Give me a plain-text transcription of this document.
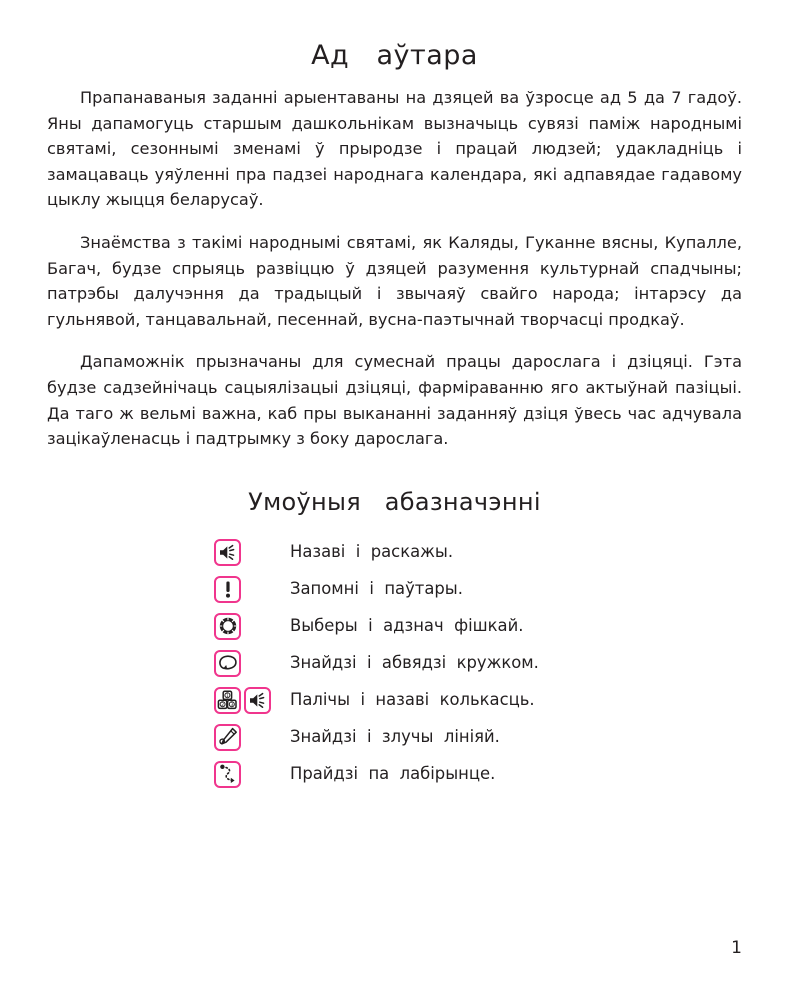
Ад   аўтара

Прапанаваныя заданні арыентаваны на дзяцей ва ўзросце ад 5 да 7 гадоў. Яны дапамогуць старшым дашкольнікам вызначыць сувязі паміж народнымі святамі, сезоннымі зменамі ў прыродзе і працай людзей; удакладніць і замацаваць уяўленні пра падзеі народнага календара, які адпавядае гадавому цыклу жыцця беларусаў.

Знаёмства з такімі народнымі святамі, як Каляды, Гуканне вясны, Купалле, Багач, будзе спрыяць развіццю ў дзяцей разумення культурнай спадчыны; патрэбы далучэння да традыцый і звычаяў свайго народа; інтарэсу да гульнявой, танцавальнай, песеннай, вусна-паэтычнай творчасці продкаў.

Дапаможнік прызначаны для сумеснай працы дарослага і дзіцяці. Гэта будзе садзейнічаць сацыялізацыі дзіцяці, фарміраванню яго актыўнай пазіцыі. Да таго ж вельмі важна, каб пры выкананні заданняў дзіця ўвесь час адчувала зацікаўленасць і падтрымку з боку дарослага.

Умоўныя   абазначэнні
Назаві  і  раскажы.
Запомні  і  паўтары.
Выберы  і  адзнач  фішкай.
Знайдзі  і  абвядзі  кружком.
1
2 3	Палічы  і  назаві  колькасць.
Знайдзі  і  злучы  лініяй.
Прайдзі  па  лабірынце.
1
